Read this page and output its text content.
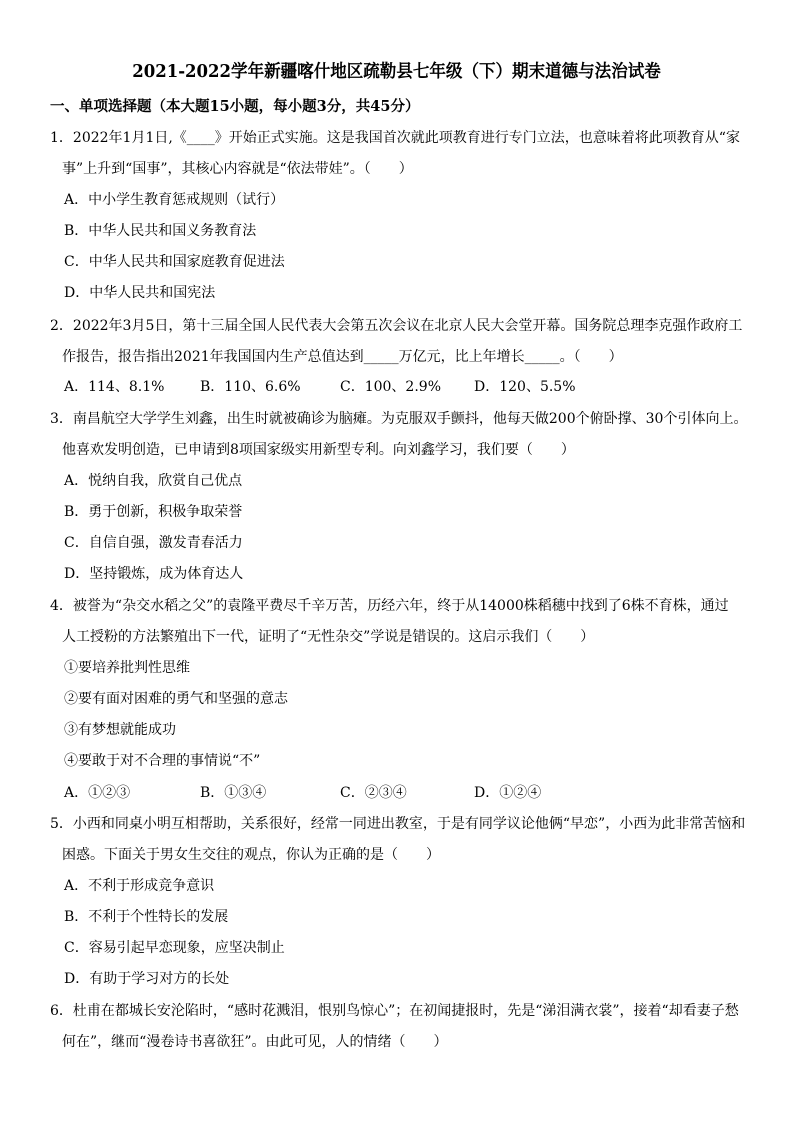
2021-2022学年新疆喀什地区疏勒县七年级（下）期末道德与法治试卷
一、单项选择题（本大题15小题，每小题3分，共45分）
1．2022年1月1日,《____》开始正式实施。这是我国首次就此项教育进行专门立法，也意味着将此项教育从“家
事”上升到“国事”，其核心内容就是“依法带娃”。（　　）
A．中小学生教育惩戒规则（试行）
B．中华人民共和国义务教育法
C．中华人民共和国家庭教育促进法
D．中华人民共和国宪法
2．2022年3月5日，第十三届全国人民代表大会第五次会议在北京人民大会堂开幕。国务院总理李克强作政府工
作报告，报告指出2021年我国国内生产总值达到_____万亿元，比上年增长_____。（　　）
A．114、8.1%	B．110、6.6%	C．100、2.9% D．120、5.5%
3．南昌航空大学学生刘鑫，出生时就被确诊为脑瘫。为克服双手颤抖，他每天做200个俯卧撑、30个引体向上。
他喜欢发明创造，已申请到8项国家级实用新型专利。向刘鑫学习，我们要（　　）
A．悦纳自我，欣赏自己优点
B．勇于创新，积极争取荣誉
C．自信自强，激发青春活力
D．坚持锻炼，成为体育达人
4．被誉为“杂交水稻之父”的袁隆平费尽千辛万苦，历经六年，终于从14000株稻穗中找到了6株不育株，通过
人工授粉的方法繁殖出下一代，证明了“无性杂交”学说是错误的。这启示我们（　　）
①要培养批判性思维
②要有面对困难的勇气和坚强的意志
③有梦想就能成功
④要敢于对不合理的事情说“不”
A．①②③	B．①③④	C．②③④	D．①②④
5．小西和同桌小明互相帮助，关系很好，经常一同进出教室，于是有同学议论他俩“早恋”，小西为此非常苦恼和
困惑。下面关于男女生交往的观点，你认为正确的是（　　）
A．不利于形成竞争意识
B．不利于个性特长的发展
C．容易引起早恋现象，应坚决制止
D．有助于学习对方的长处
6．杜甫在都城长安沦陷时，“感时花溅泪，恨别鸟惊心”；在初闻捷报时，先是“涕泪满衣裳”，接着“却看妻子愁
何在”，继而“漫卷诗书喜欲狂”。由此可见，人的情绪（　　）
